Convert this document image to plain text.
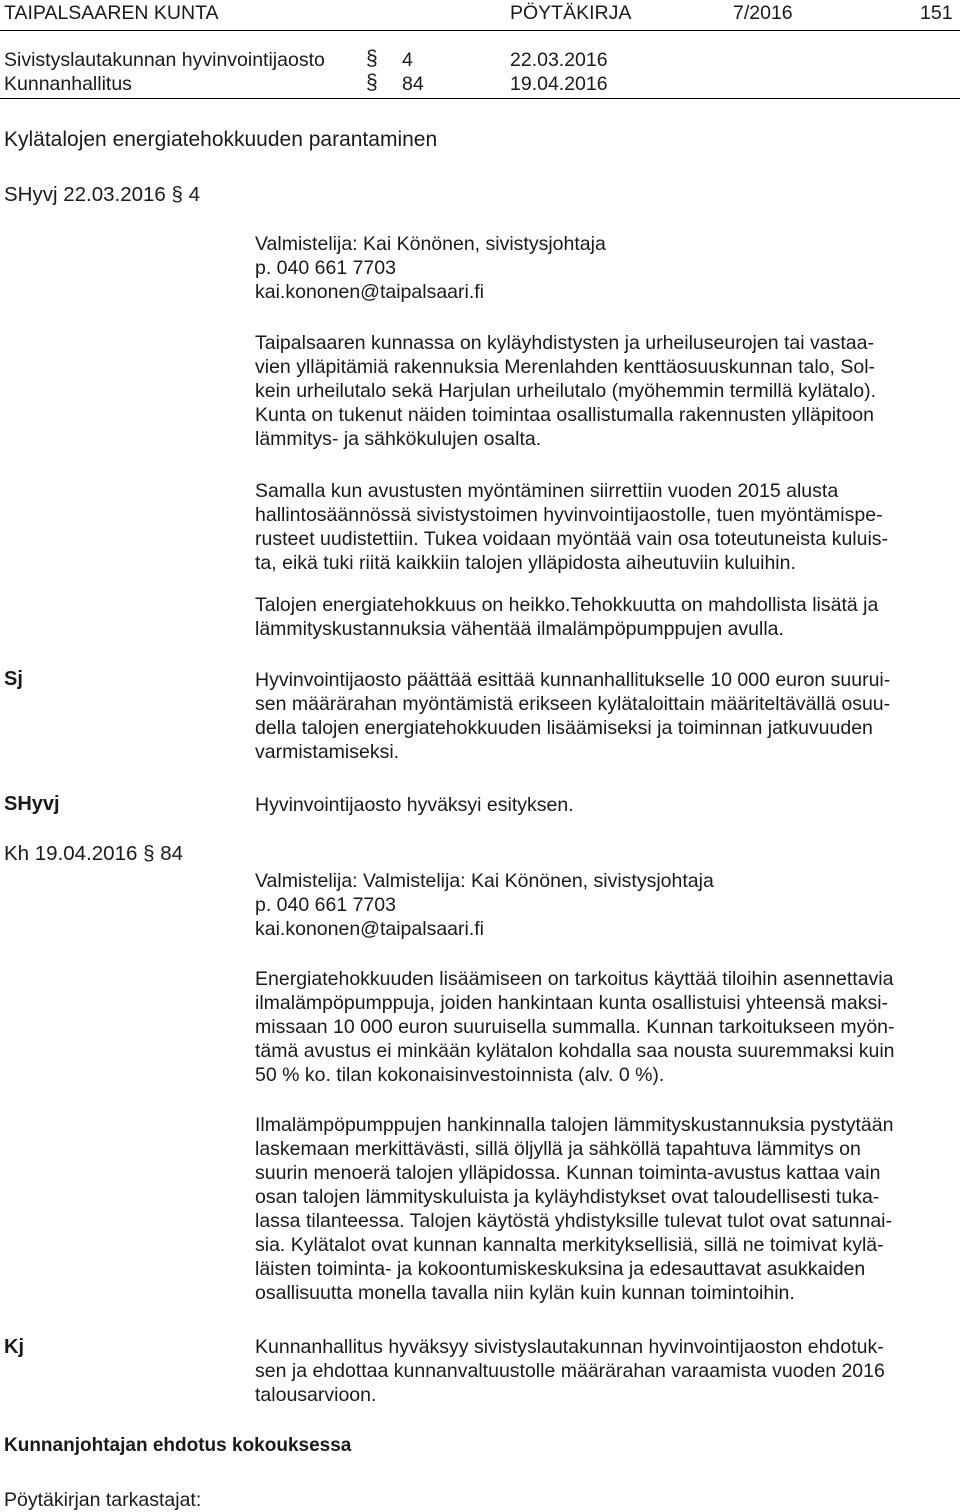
TAIPALSAAREN KUNTA	PÖYTÄKIRJA	7/2016	151
Sivistyslautakunnan hyvinvointijaosto § 4	22.03.2016
Kunnanhallitus	§ 84	19.04.2016
Kylätalojen energiatehokkuuden parantaminen
SHyvj 22.03.2016 § 4
Valmistelija: Kai Könönen, sivistysjohtaja
p. 040 661 7703
kai.kononen@taipalsaari.fi
Taipalsaaren kunnassa on kyläyhdistysten ja urheiluseurojen tai vastaa-
vien ylläpitämiä rakennuksia Merenlahden kenttäosuuskunnan talo, Sol-
kein urheilutalo sekä Harjulan urheilutalo (myöhemmin termillä kylätalo).
Kunta on tukenut näiden toimintaa osallistumalla rakennusten ylläpitoon
lämmitys- ja sähkökulujen osalta.
Samalla kun avustusten myöntäminen siirrettiin vuoden 2015 alusta
hallintosäännössä sivistystoimen hyvinvointijaostolle, tuen myöntämispe-
rusteet uudistettiin. Tukea voidaan myöntää vain osa toteutuneista kuluis-
ta, eikä tuki riitä kaikkiin talojen ylläpidosta aiheutuviin kuluihin.
Talojen energiatehokkuus on heikko.Tehokkuutta on mahdollista lisätä ja
lämmityskustannuksia vähentää ilmalämpöpumppujen avulla.
Sj	Hyvinvointijaosto päättää esittää kunnanhallitukselle 10 000 euron suurui-
sen määrärahan myöntämistä erikseen kylätaloittain määriteltävällä osuu-
della talojen energiatehokkuuden lisäämiseksi ja toiminnan jatkuvuuden
varmistamiseksi.
SHyvj	Hyvinvointijaosto hyväksyi esityksen.
Kh 19.04.2016 § 84
Valmistelija: Valmistelija: Kai Könönen, sivistysjohtaja
p. 040 661 7703
kai.kononen@taipalsaari.fi
Energiatehokkuuden lisäämiseen on tarkoitus käyttää tiloihin asennettavia
ilmalämpöpumppuja, joiden hankintaan kunta osallistuisi yhteensä maksi-
missaan 10 000 euron suuruisella summalla. Kunnan tarkoitukseen myön-
tämä avustus ei minkään kylätalon kohdalla saa nousta suuremmaksi kuin
50 % ko. tilan kokonaisinvestoinnista (alv. 0 %).
Ilmalämpöpumppujen hankinnalla talojen lämmityskustannuksia pystytään
laskemaan merkittävästi, sillä öljyllä ja sähköllä tapahtuva lämmitys on
suurin menoerä talojen ylläpidossa. Kunnan toiminta-avustus kattaa vain
osan talojen lämmityskuluista ja kyläyhdistykset ovat taloudellisesti tuka-
lassa tilanteessa. Talojen käytöstä yhdistyksille tulevat tulot ovat satunnai-
sia. Kylätalot ovat kunnan kannalta merkityksellisiä, sillä ne toimivat kylä-
läisten toiminta- ja kokoontumiskeskuksina ja edesauttavat asukkaiden
osallisuutta monella tavalla niin kylän kuin kunnan toimintoihin.
Kj	Kunnanhallitus hyväksyy sivistyslautakunnan hyvinvointijaoston ehdotuk-
sen ja ehdottaa kunnanvaltuustolle määrärahan varaamista vuoden 2016
talousarvioon.
Kunnanjohtajan ehdotus kokouksessa
Pöytäkirjan tarkastajat:
